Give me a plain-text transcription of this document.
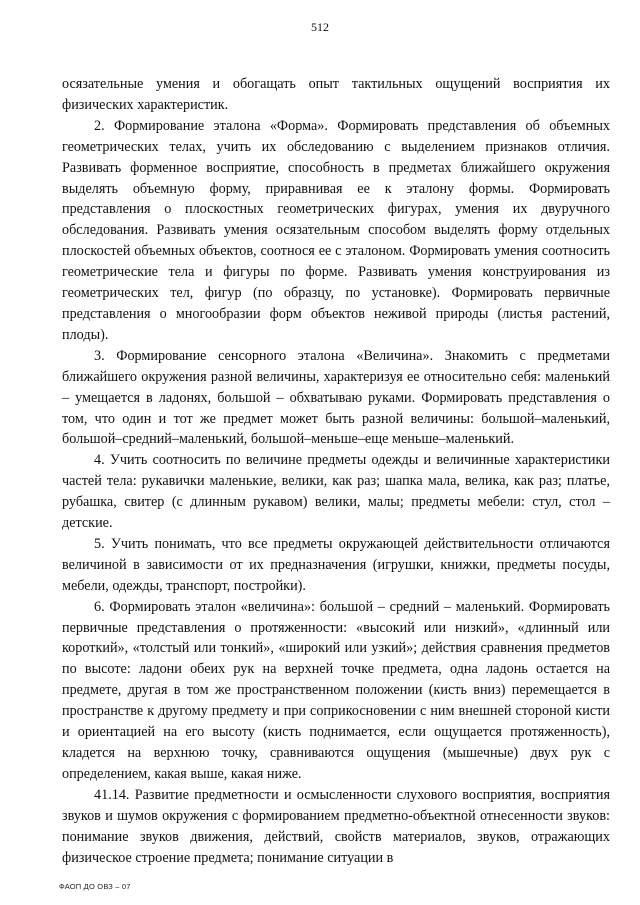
512

осязательные умения и обогащать опыт тактильных ощущений восприятия их физических характеристик.

2. Формирование эталона «Форма». Формировать представления об объемных геометрических телах, учить их обследованию с выделением признаков отличия. Развивать форменное восприятие, способность в предметах ближайшего окружения выделять объемную форму, приравнивая ее к эталону формы. Формировать представления о плоскостных геометрических фигурах, умения их двуручного обследования. Развивать умения осязательным способом выделять форму отдельных плоскостей объемных объектов, соотнося ее с эталоном. Формировать умения соотносить геометрические тела и фигуры по форме. Развивать умения конструирования из геометрических тел, фигур (по образцу, по установке). Формировать первичные представления о многообразии форм объектов неживой природы (листья растений, плоды).

3. Формирование сенсорного эталона «Величина». Знакомить с предметами ближайшего окружения разной величины, характеризуя ее относительно себя: маленький – умещается в ладонях, большой – обхватываю руками. Формировать представления о том, что один и тот же предмет может быть разной величины: большой–маленький, большой–средний–маленький, большой–меньше–еще меньше–маленький.

4. Учить соотносить по величине предметы одежды и величинные характеристики частей тела: рукавички маленькие, велики, как раз; шапка мала, велика, как раз; платье, рубашка, свитер (с длинным рукавом) велики, малы; предметы мебели: стул, стол – детские.

5. Учить понимать, что все предметы окружающей действительности отличаются величиной в зависимости от их предназначения (игрушки, книжки, предметы посуды, мебели, одежды, транспорт, постройки).

6. Формировать эталон «величина»: большой – средний – маленький. Формировать первичные представления о протяженности: «высокий или низкий», «длинный или короткий», «толстый или тонкий», «широкий или узкий»; действия сравнения предметов по высоте: ладони обеих рук на верхней точке предмета, одна ладонь остается на предмете, другая в том же пространственном положении (кисть вниз) перемещается в пространстве к другому предмету и при соприкосновении с ним внешней стороной кисти и ориентацией на его высоту (кисть поднимается, если ощущается протяженность), кладется на верхнюю точку, сравниваются ощущения (мышечные) двух рук с определением, какая выше, какая ниже.

41.14. Развитие предметности и осмысленности слухового восприятия, восприятия звуков и шумов окружения с формированием предметно-объектной отнесенности звуков: понимание звуков движения, действий, свойств материалов, звуков, отражающих физическое строение предмета; понимание ситуации в

ФАОП ДО ОВЗ – 07
